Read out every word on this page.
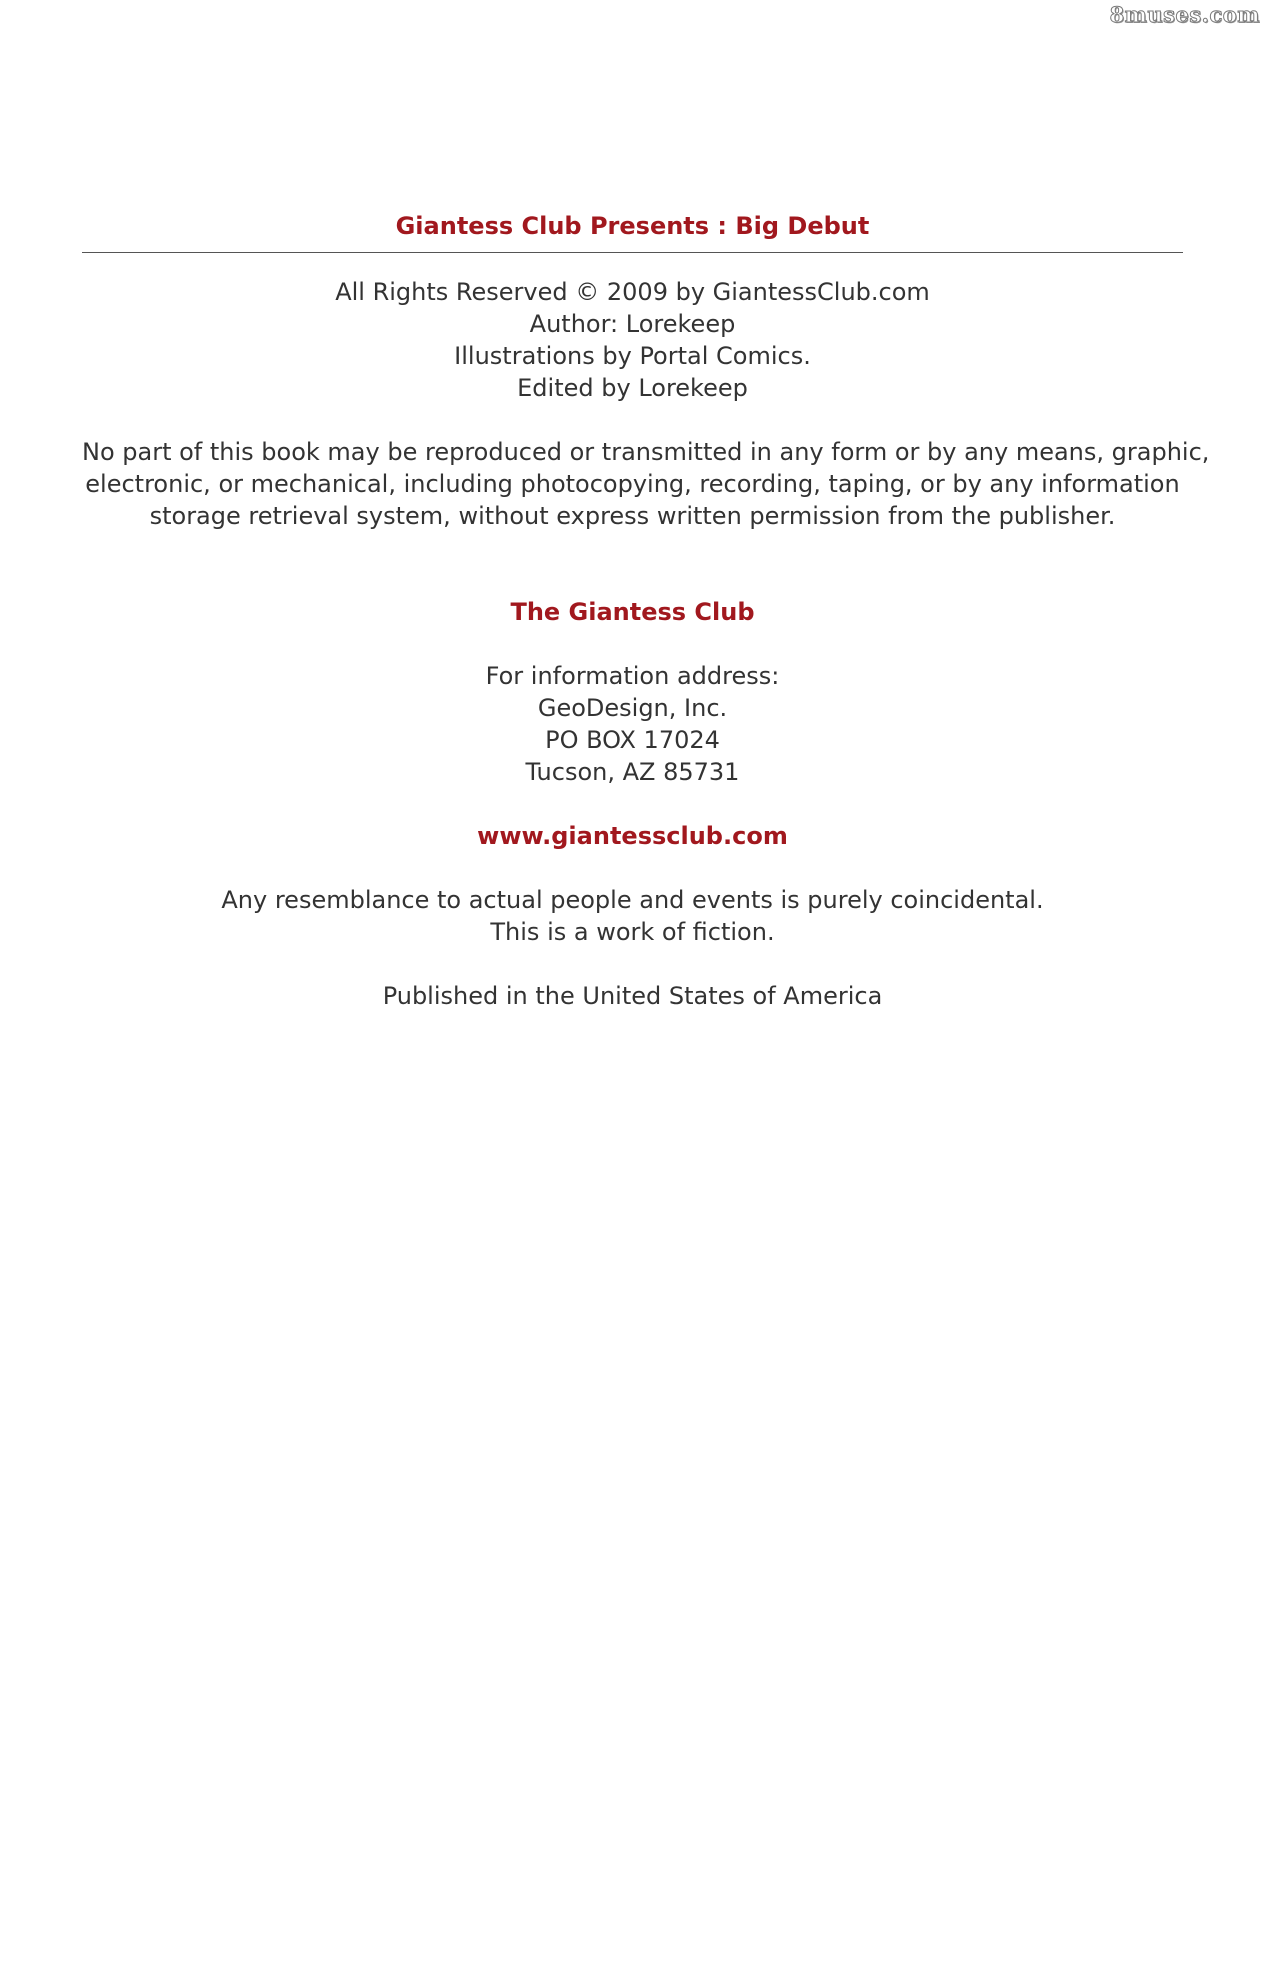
8muses.com
Giantess Club Presents : Big Debut
All Rights Reserved © 2009 by GiantessClub.com
Author: Lorekeep
Illustrations by Portal Comics.
Edited by Lorekeep
No part of this book may be reproduced or transmitted in any form or by any means, graphic,
electronic, or mechanical, including photocopying, recording, taping, or by any information
storage retrieval system, without express written permission from the publisher.
The Giantess Club
For information address:
GeoDesign, Inc.
PO BOX 17024
Tucson, AZ 85731
www.giantessclub.com
Any resemblance to actual people and events is purely coincidental.
This is a work of fiction.
Published in the United States of America
